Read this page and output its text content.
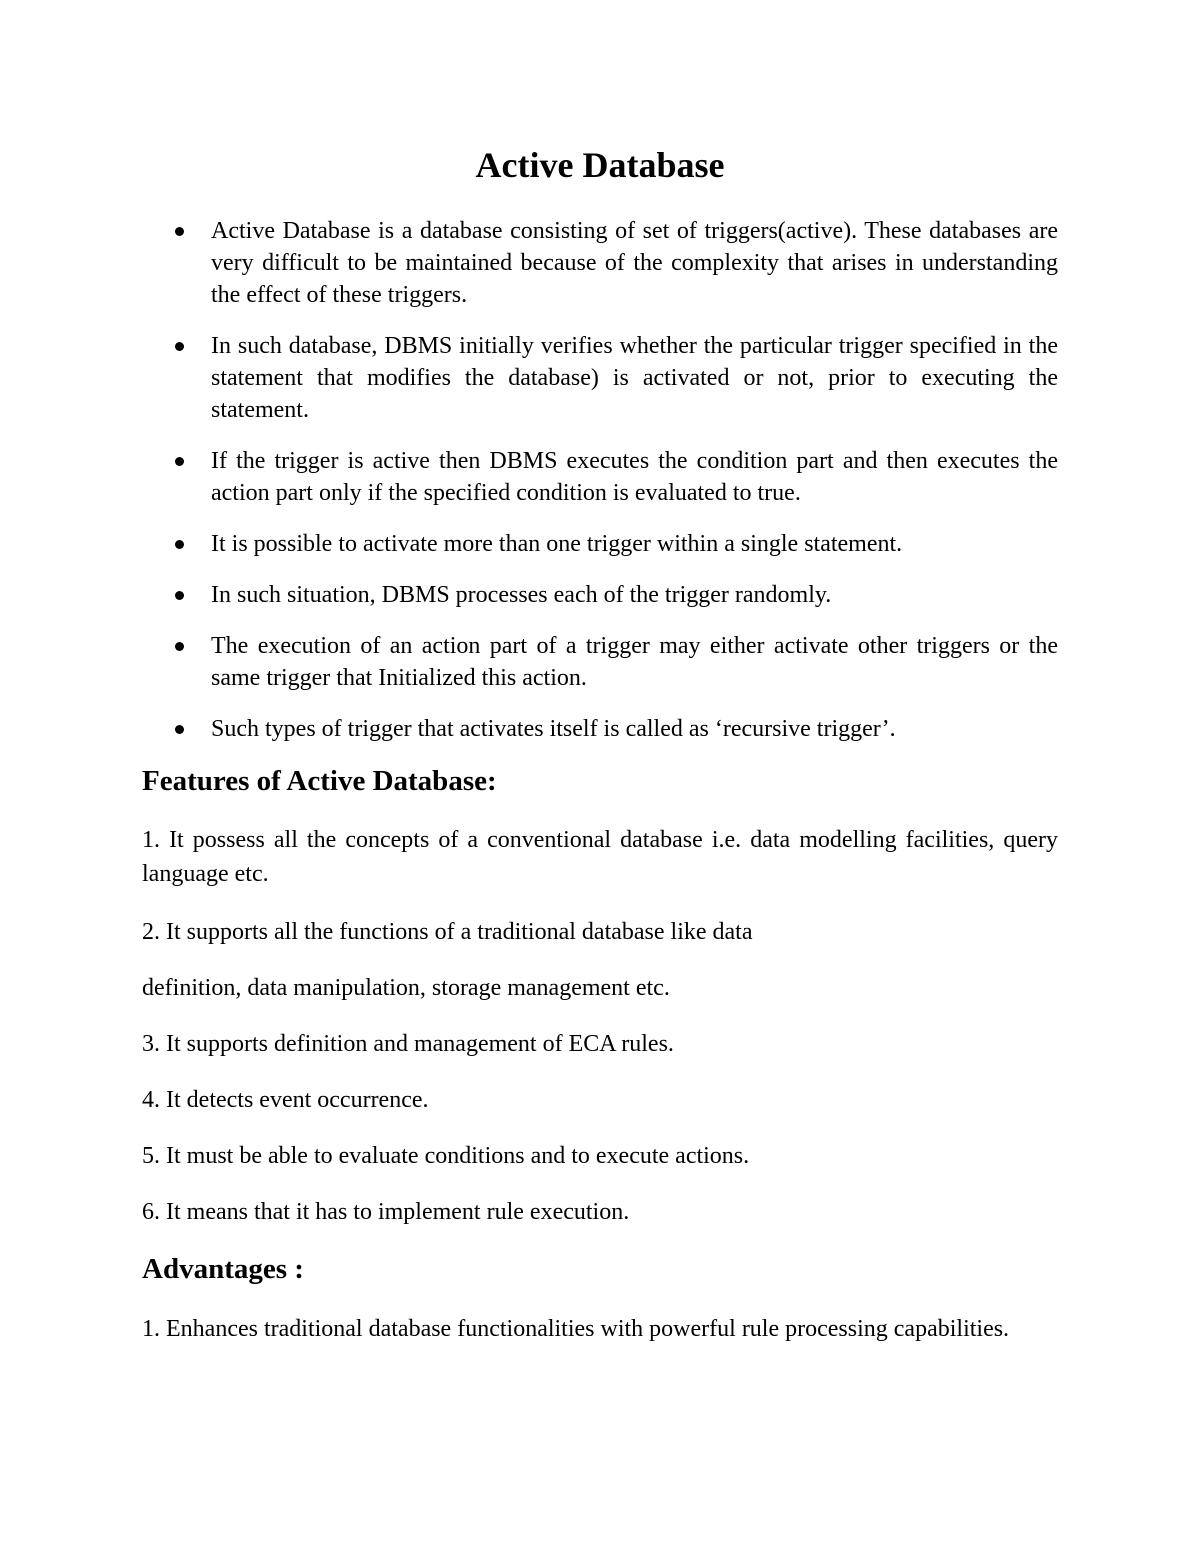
Active Database
Active Database is a database consisting of set of triggers(active). These databases are very difficult to be maintained because of the complexity that arises in understanding the effect of these triggers.
In such database, DBMS initially verifies whether the particular trigger specified in the statement that modifies the database) is activated or not, prior to executing the statement.
If the trigger is active then DBMS executes the condition part and then executes the action part only if the specified condition is evaluated to true.
It is possible to activate more than one trigger within a single statement.
In such situation, DBMS processes each of the trigger randomly.
The execution of an action part of a trigger may either activate other triggers or the same trigger that Initialized this action.
Such types of trigger that activates itself is called as ‘recursive trigger’.
Features of Active Database:

1. It possess all the concepts of a conventional database i.e. data modelling facilities, query language etc.

2. It supports all the functions of a traditional database like data

definition, data manipulation, storage management etc.

3. It supports definition and management of ECA rules.

4. It detects event occurrence.

5. It must be able to evaluate conditions and to execute actions.

6. It means that it has to implement rule execution.

Advantages :

1. Enhances traditional database functionalities with powerful rule processing capabilities.
